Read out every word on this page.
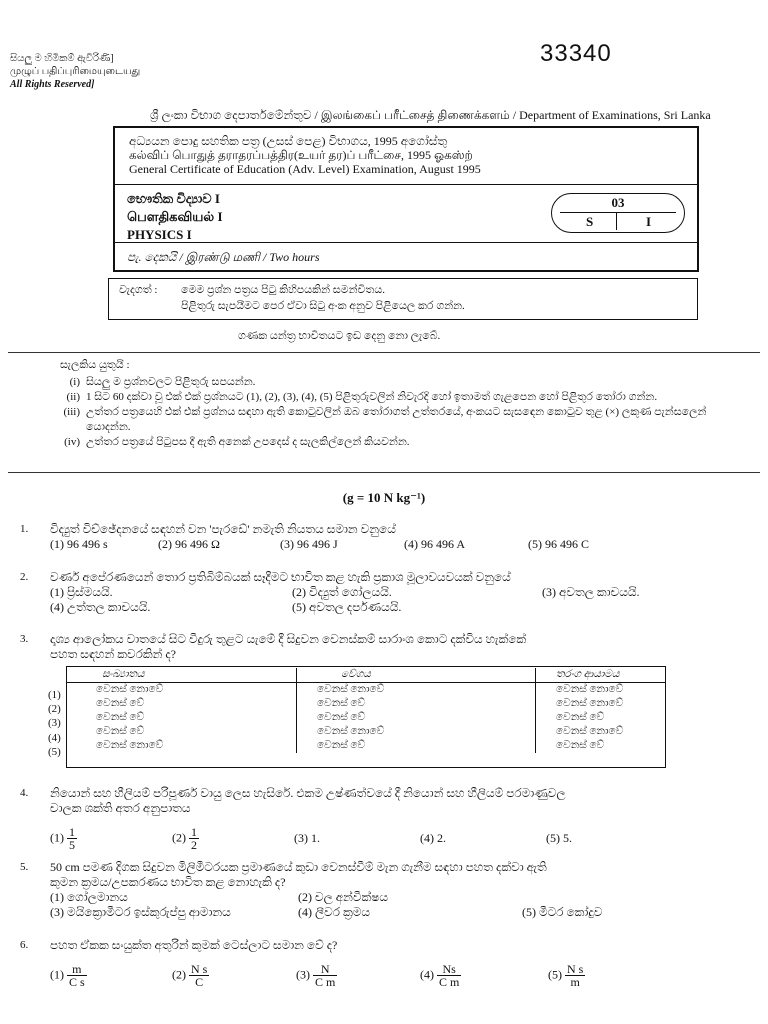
සියලු ම හිමිකම් ඇවිරිණි]
முழுப் பதிப்புரிமையுடையது
All Rights Reserved]
33340
ශ්‍රී ලංකා විභාග දෙපාර්තමේන්තුව / இலங்கைப் பரீட்சைத் திணைக்களம் / Department of Examinations, Sri Lanka
අධ්‍යයන පොදු සහතික පත්‍ර (උසස් පෙළ) විභාගය, 1995 අගෝස්තු
கல்விப் பொதுத் தராதரப்பத்திர(உயர் தர)ப் பரீட்சை, 1995 ஓகஸ்ற்
General Certificate of Education (Adv. Level) Examination, August 1995
භෞතික විද්‍යාව I
பௌதிகவியல் I
PHYSICS I
03
S	I
පැ. දෙකයි / இரண்டு மணி / Two hours
වැදගත් : මෙම ප්‍රශ්න පත්‍රය පිටු කිහිපයකින් සමන්විතය.
පිළිතුරු සැපයීමට පෙර ඒවා සිටු අංක අනුව පිළියෙල කර ගන්න.
ගණක යන්ත්‍ර භාවිතයට ඉඩ දෙනු නො ලැබේ.
සැලකිය යුතුයි :
(i) සියලු ම ප්‍රශ්නවලට පිළිතුරු සපයන්න.
(ii) 1 සිට 60 දක්වා වූ එක් එක් ප්‍රශ්නයට (1), (2), (3), (4), (5) පිළිතුරුවලින් නිවැරදි හෝ ඉතාමත් ගැළපෙන හෝ පිළිතුර තෝරා ගන්න.
(iii) උත්තර පත්‍රයෙහි එක් එක් ප්‍රශ්නය සඳහා ඇති කොටුවලින් ඔබ තෝරාගත් උත්තරයේ, අංකයට සැසඳෙන කොටුව තුළ (×) ලකුණ පැන්සලෙන් යොදන්න.
(iv) උත්තර පත්‍රයේ පිටුපස දී ඇති අනෙක් උපදෙස් ද සැලකිල්ලෙන් කියවන්න.
(g = 10 N kg⁻¹)
1.	විද්‍යුත් විච්ඡේදනයේ සඳහන් වන 'පැරඩේ' නමැති නියතය සමාන වනුයේ
(1) 96 496 s	(2) 96 496 Ω	(3) 96 496 J	(4) 96 496 A	(5) 96 496 C
2.	වර්ණ අපේරණයෙන් තොර ප්‍රතිබිම්බයක් සෑදීමට භාවිත කළ හැකි ප්‍රකාශ මූලාවයවයක් වනුයේ
(1) ප්‍රිස්මයයි.	(2) විද්‍යුත් ගෝලයයි.	(3) අවතල කාචයයි.
(4) උත්තල කාචයයි.	(5) අවතල දර්පණයයි.
3.	දෘශ්‍ය ආලෝකය වාතයේ සිට වීදුරු තුළට යැමේ දී සිදුවන වෙනස්කම් සාරාංශ කොට දක්විය හැක්කේ
පහත සඳහන් කවරකින් ද?
සංඛ්‍යාතය	වේගය	තරංග ආයාමය
වෙනස් නොවේ	වෙනස් නොවේ	වෙනස් නොවේ
වෙනස් වේ	වෙනස් වේ	වෙනස් නොවේ
වෙනස් වේ	වෙනස් වේ	වෙනස් වේ
වෙනස් වේ	වෙනස් නොවේ	වෙනස් නොවේ
වෙනස් නොවේ	වෙනස් වේ	වෙනස් වේ
(1)
(2)
(3)
(4)
(5)
4.	නියොන් සහ හීලියම් පරිපූර්ණ වායු ලෙස හැසිරේ. එකම උෂ්ණත්වයේ දී නියොන් සහ හීලියම් පරමාණුවල
චාලක ශක්ති අතර අනුපාතය
$(1) \frac{1}{5}$	$(2) \frac{1}{2}$	(3) 1.	(4) 2.	(5) 5.
5.	50 cm පමණ දිගක සිදුවන මිලිමීටරයක ප්‍රමාණයේ කුඩා වෙනස්වීම් මැන ගැනීම සඳහා පහත දක්වා ඇති
කුමන ක්‍රමය/උපකරණය භාවිත කළ නොහැකි ද?
(1) ගෝලමානය	(2) චල අන්වීක්ෂය
(3) මයික්‍රොමීටර ඉස්කුරුප්පු ආමානය	(4) ලීවර ක්‍රමය	(5) මීටර කෝදුව
6.	පහත ඒකක සංයුක්ත අතුරින් කුමක් ටෙස්ලාට සමාන වේ ද?
$(1) \frac{m}{\text{C s}}$	$(2) \frac{\text{N s}}{C}$	$(3) \frac{N}{\text{C m}}$	$(4) \frac{Ns}{\text{C m}}$	$(5) \frac{\text{N s}}{m}$
